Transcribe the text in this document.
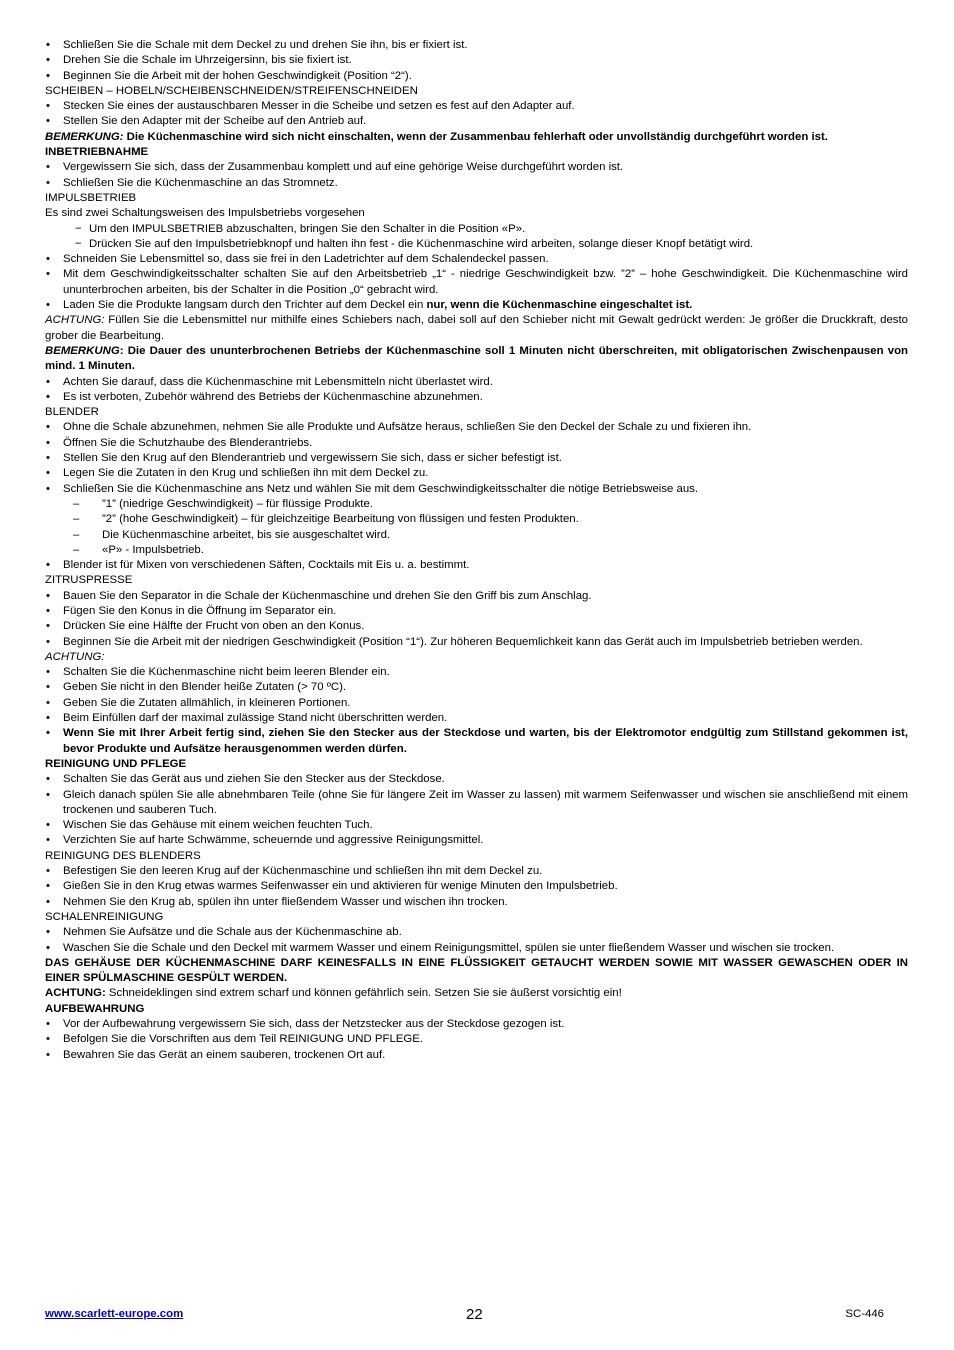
• Schließen Sie die Schale mit dem Deckel zu und drehen Sie ihn, bis er fixiert ist.
• Drehen Sie die Schale im Uhrzeigersinn, bis sie fixiert ist.
• Beginnen Sie die Arbeit mit der hohen Geschwindigkeit (Position “2“).
SCHEIBEN – HOBELN/SCHEIBENSCHNEIDEN/STREIFENSCHNEIDEN
• Stecken Sie eines der austauschbaren Messer in die Scheibe und setzen es fest auf den Adapter auf.
• Stellen Sie den Adapter mit der Scheibe auf den Antrieb auf.
BEMERKUNG: Die Küchenmaschine wird sich nicht einschalten, wenn der Zusammenbau fehlerhaft oder unvollständig durchgeführt worden ist.
INBETRIEBNAHME
• Vergewissern Sie sich, dass der Zusammenbau komplett und auf eine gehörige Weise durchgeführt worden ist.
• Schließen Sie die Küchenmaschine an das Stromnetz.
IMPULSBETRIEB
Es sind zwei Schaltungsweisen des Impulsbetriebs vorgesehen
− Um den IMPULSBETRIEB abzuschalten, bringen Sie den Schalter in die Position «P».
− Drücken Sie auf den Impulsbetriebknopf und halten ihn fest - die Küchenmaschine wird arbeiten, solange dieser Knopf betätigt wird.
• Schneiden Sie Lebensmittel so, dass sie frei in den Ladetrichter auf dem Schalendeckel passen.
• Mit dem Geschwindigkeitsschalter schalten Sie auf den Arbeitsbetrieb „1“ - niedrige Geschwindigkeit bzw. ”2” – hohe Geschwindigkeit. Die Küchenmaschine wird ununterbrochen arbeiten, bis der Schalter in die Position „0“ gebracht wird.
• Laden Sie die Produkte langsam durch den Trichter auf dem Deckel ein nur, wenn die Küchenmaschine eingeschaltet ist.
ACHTUNG: Füllen Sie die Lebensmittel nur mithilfe eines Schiebers nach, dabei soll auf den Schieber nicht mit Gewalt gedrückt werden: Je größer die Druckkraft, desto grober die Bearbeitung.
BEMERKUNG: Die Dauer des ununterbrochenen Betriebs der Küchenmaschine soll 1 Minuten nicht überschreiten, mit obligatorischen Zwischenpausen von mind. 1 Minuten.
• Achten Sie darauf, dass die Küchenmaschine mit Lebensmitteln nicht überlastet wird.
• Es ist verboten, Zubehör während des Betriebs der Küchenmaschine abzunehmen.
BLENDER
• Ohne die Schale abzunehmen, nehmen Sie alle Produkte und Aufsätze heraus, schließen Sie den Deckel der Schale zu und fixieren ihn.
• Öffnen Sie die Schutzhaube des Blenderantriebs.
• Stellen Sie den Krug auf den Blenderantrieb und vergewissern Sie sich, dass er sicher befestigt ist.
• Legen Sie die Zutaten in den Krug und schließen ihn mit dem Deckel zu.
• Schließen Sie die Küchenmaschine ans Netz und wählen Sie mit dem Geschwindigkeitsschalter die nötige Betriebsweise aus.
– ”1” (niedrige Geschwindigkeit) – für flüssige Produkte.
– ”2” (hohe Geschwindigkeit) – für gleichzeitige Bearbeitung von flüssigen und festen Produkten.
– Die Küchenmaschine arbeitet, bis sie ausgeschaltet wird.
– «P» - Impulsbetrieb.
• Blender ist für Mixen von verschiedenen Säften, Cocktails mit Eis u. a. bestimmt.
ZITRUSPRESSE
• Bauen Sie den Separator in die Schale der Küchenmaschine und drehen Sie den Griff bis zum Anschlag.
• Fügen Sie den Konus in die Öffnung im Separator ein.
• Drücken Sie eine Hälfte der Frucht von oben an den Konus.
• Beginnen Sie die Arbeit mit der niedrigen Geschwindigkeit (Position “1“). Zur höheren Bequemlichkeit kann das Gerät auch im Impulsbetrieb betrieben werden.
ACHTUNG:
• Schalten Sie die Küchenmaschine nicht beim leeren Blender ein.
• Geben Sie nicht in den Blender heiße Zutaten (> 70 ºC).
• Geben Sie die Zutaten allmählich, in kleineren Portionen.
• Beim Einfüllen darf der maximal zulässige Stand nicht überschritten werden.
• Wenn Sie mit Ihrer Arbeit fertig sind, ziehen Sie den Stecker aus der Steckdose und warten, bis der Elektromotor endgültig zum Stillstand gekommen ist, bevor Produkte und Aufsätze herausgenommen werden dürfen.
REINIGUNG UND PFLEGE
• Schalten Sie das Gerät aus und ziehen Sie den Stecker aus der Steckdose.
• Gleich danach spülen Sie alle abnehmbaren Teile (ohne Sie für längere Zeit im Wasser zu lassen) mit warmem Seifenwasser und wischen sie anschließend mit einem trockenen und sauberen Tuch.
• Wischen Sie das Gehäuse mit einem weichen feuchten Tuch.
• Verzichten Sie auf harte Schwämme, scheuernde und aggressive Reinigungsmittel.
REINIGUNG DES BLENDERS
• Befestigen Sie den leeren Krug auf der Küchenmaschine und schließen ihn mit dem Deckel zu.
• Gießen Sie in den Krug etwas warmes Seifenwasser ein und aktivieren für wenige Minuten den Impulsbetrieb.
• Nehmen Sie den Krug ab, spülen ihn unter fließendem Wasser und wischen ihn trocken.
SCHALENREINIGUNG
• Nehmen Sie Aufsätze und die Schale aus der Küchenmaschine ab.
• Waschen Sie die Schale und den Deckel mit warmem Wasser und einem Reinigungsmittel, spülen sie unter fließendem Wasser und wischen sie trocken.
DAS GEHÄUSE DER KÜCHENMASCHINE DARF KEINESFALLS IN EINE FLÜSSIGKEIT GETAUCHT WERDEN SOWIE MIT WASSER GEWASCHEN ODER IN EINER SPÜLMASCHINE GESPÜLT WERDEN.
ACHTUNG: Schneideklingen sind extrem scharf und können gefährlich sein. Setzen Sie sie äußerst vorsichtig ein!
AUFBEWAHRUNG
• Vor der Aufbewahrung vergewissern Sie sich, dass der Netzstecker aus der Steckdose gezogen ist.
• Befolgen Sie die Vorschriften aus dem Teil REINIGUNG UND PFLEGE.
• Bewahren Sie das Gerät an einem sauberen, trockenen Ort auf.
www.scarlett-europe.com	22	SC-446
